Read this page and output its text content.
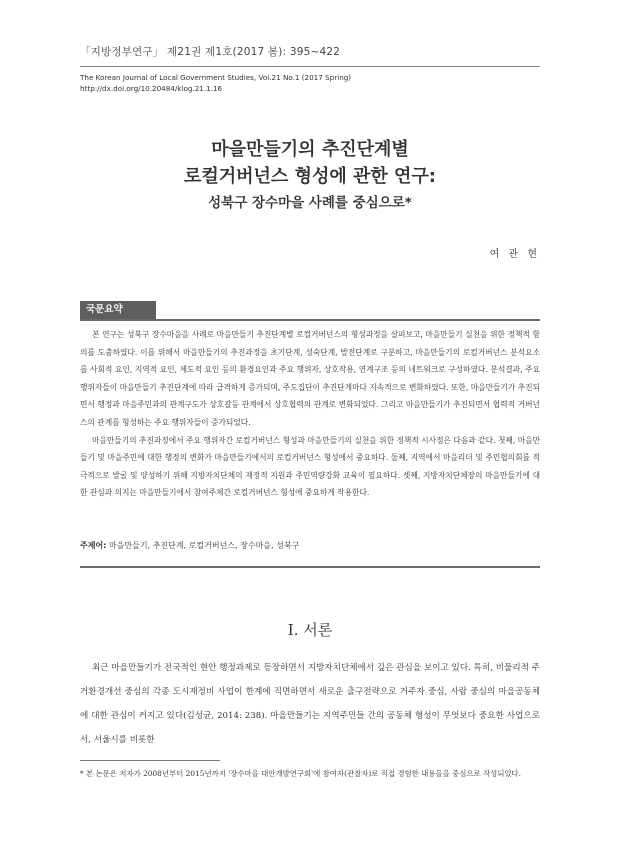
「지방정부연구」 제21권 제1호(2017 봄): 395~422
The Korean Journal of Local Government Studies, Vol.21 No.1 (2017 Spring)
http://dx.doi.org/10.20484/klog.21.1.16
마을만들기의 추진단계별
로컬거버넌스 형성에 관한 연구:
성북구 장수마을 사례를 중심으로*
여 관 현
국문요약

본 연구는 성북구 장수마을을 사례로 마을만들기 추진단계별 로컬거버넌스의 형성과정을 살펴보고, 마을만들기 실천을 위한 정책적 함의를 도출하였다. 이를 위해서 마을만들기의 추진과정을 초기단계, 성숙단계, 발전단계로 구분하고, 마을만들기의 로컬거버넌스 분석요소를 사회적 요인, 지역적 요인, 제도적 요인 등의 환경요인과 주요 행위자, 상호작용, 연계구조 등의 네트워크로 구성하였다. 분석결과, 주요 행위자들이 마을만들기 추진단계에 따라 급격하게 증가되며, 주도집단이 추진단계마다 지속적으로 변화하였다. 또한, 마을만들기가 추진되면서 행정과 마을주민과의 관계구도가 상호갈등 관계에서 상호협력의 관계로 변화되었다. 그리고 마을만들기가 추진되면서 협력적 거버넌스의 관계를 형성하는 주요 행위자들이 증가되었다.

마을만들기의 추진과정에서 주요 행위자간 로컬거버넌스 형성과 마을만들기의 실천을 위한 정책적 시사점은 다음과 같다. 첫째, 마을만들기 및 마을주민에 대한 행정의 변화가 마을만들기에서의 로컬거버넌스 형성에서 중요하다. 둘째, 지역에서 마을리더 및 주민협의회를 적극적으로 발굴 및 양성하기 위해 지방자치단체의 재정적 지원과 주민역량강화 교육이 필요하다. 셋째, 지방자치단체장의 마을만들기에 대한 관심과 의지는 마을만들기에서 참여주체간 로컬거버넌스 형성에 중요하게 작용한다.

주제어: 마을만들기, 추진단계, 로컬거버넌스, 장수마을, 성북구
Ⅰ. 서론

최근 마을만들기가 전국적인 현안 행정과제로 등장하면서 지방자치단체에서 깊은 관심을 보이고 있다. 특히, 비물리적 주거환경개선 중심의 각종 도시재정비 사업이 한계에 직면하면서 새로운 출구전략으로 거주자 중심, 사람 중심의 마을공동체에 대한 관심이 커지고 있다(김성균, 2014: 238). 마을만들기는 지역주민들 간의 공동체 형성이 무엇보다 중요한 사업으로서, 서울시를 비롯한

* 본 논문은 저자가 2008년부터 2015년까지 '장수마을 대안개발연구회'에 참여자(관찰자)로 직접 경험한 내용들을 중심으로 작성되었다.
